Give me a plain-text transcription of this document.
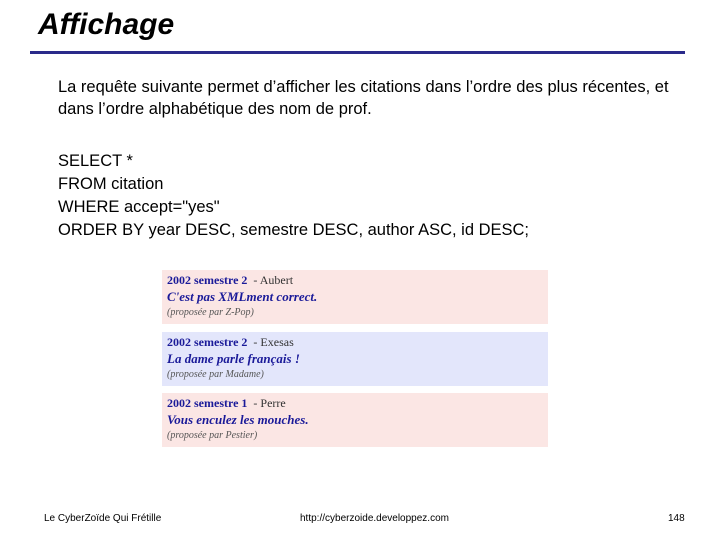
Affichage

La requête suivante permet d’afficher les citations dans l’ordre des plus récentes, et dans l’ordre alphabétique des nom de prof.

SELECT *
FROM citation
WHERE accept="yes"
ORDER BY year DESC, semestre DESC, author ASC, id DESC;
2002 semestre 2 - Aubert
C'est pas XMLment correct.
(proposée par Z-Pop)
2002 semestre 2 - Exesas
La dame parle français !
(proposée par Madame)
2002 semestre 1 - Perre
Vous enculez les mouches.
(proposée par Pestier)
Le CyberZoïde Qui Frétille	http://cyberzoide.developpez.com	148
